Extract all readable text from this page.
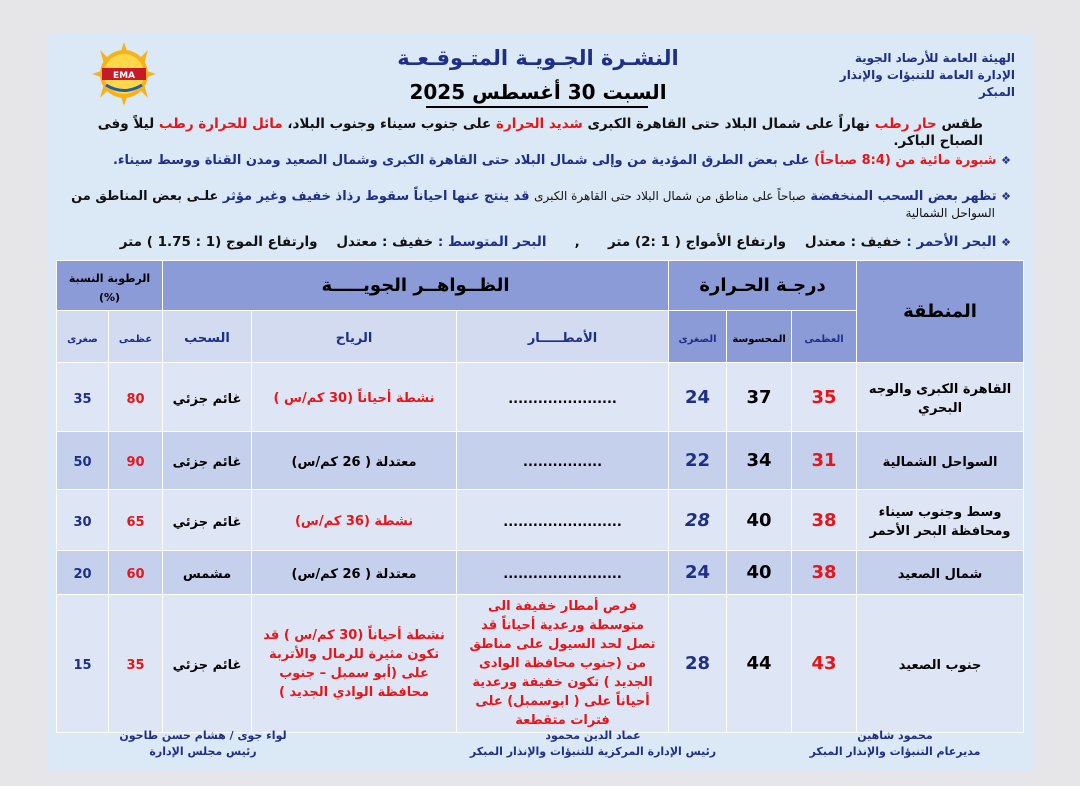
EMA
الهيئة العامة للأرصاد الجوية
الإدارة العامة للتنبؤات والإنذار المبكر
النشـرة الجـويـة المتـوقـعـة
السبت 30 أغسطس 2025
طقس حار رطب نهاراً على شمال البلاد حتى القاهرة الكبرى شديد الحرارة على جنوب سيناء وجنوب البلاد، مائل للحرارة رطب ليلاً وفى الصباح الباكر.
❖ شبورة مائية من (8:4 صباحاً) على بعض الطرق المؤدية من وإلى شمال البلاد حتى القاهرة الكبرى وشمال الصعيد ومدن القناة ووسط سيناء.
❖ تظهر بعض السحب المنخفضة صباحاً على مناطق من شمال البلاد حتى القاهرة الكبرى قد ينتج عنها احياناً سقوط رذاذ خفيف وغير مؤثر علـى بعض المناطق من
السواحل الشمالية
❖ البحر الأحمر : خفيف : معتدل    وارتفاع الأمواج ( 1 :2) متر      ,      البحر المتوسط : خفيف : معتدل    وارتفاع الموج (1 : 1.75 ) متر
المنطقة	درجـة الحـرارة			الظــواهــر الجويـــــة			الرطوبة النسبة (%)	
	العظمى	المحسوسة	الصغرى	الأمطـــــار	الرياح	السحب	عظمى	صغرى
القاهرة الكبرى والوجه البحري	35	37	24	......................	نشطة أحياناً (30 كم/س )	غائم جزئي	80	35
السواحل الشمالية	31	34	22	................	معتدلة ( 26 كم/س)	غائم جزئى	90	50
وسط وجنوب سيناء ومحافظة البحر الأحمر	38	40	28	........................	نشطة (36 كم/س)	غائم جزئي	65	30
شمال الصعيد	38	40	24	........................	معتدلة ( 26 كم/س)	مشمس	60	20
جنوب الصعيد	43	44	28	فرص أمطار خفيفة الى متوسطة ورعدية أحياناً قد تصل لحد السيول على مناطق من (جنوب محافظة الوادى الجديد ) تكون خفيفة ورعدية أحياناً على ( ابوسمبل) على فترات متقطعة	نشطة أحياناً (30 كم/س ) قد تكون مثيرة للرمال والأتربة على (أبو سمبل – جنوب محافظة الوادي الجديد )	غائم جزئي	35	15
محمود شاهين
مديرعام التنبؤات والإنذار المبكر
عماد الدين محمود
رئيس الإدارة المركزية للتنبؤات والإنذار المبكر
لواء جوى / هشام حسن طاحون
رئيس مجلس الإدارة
